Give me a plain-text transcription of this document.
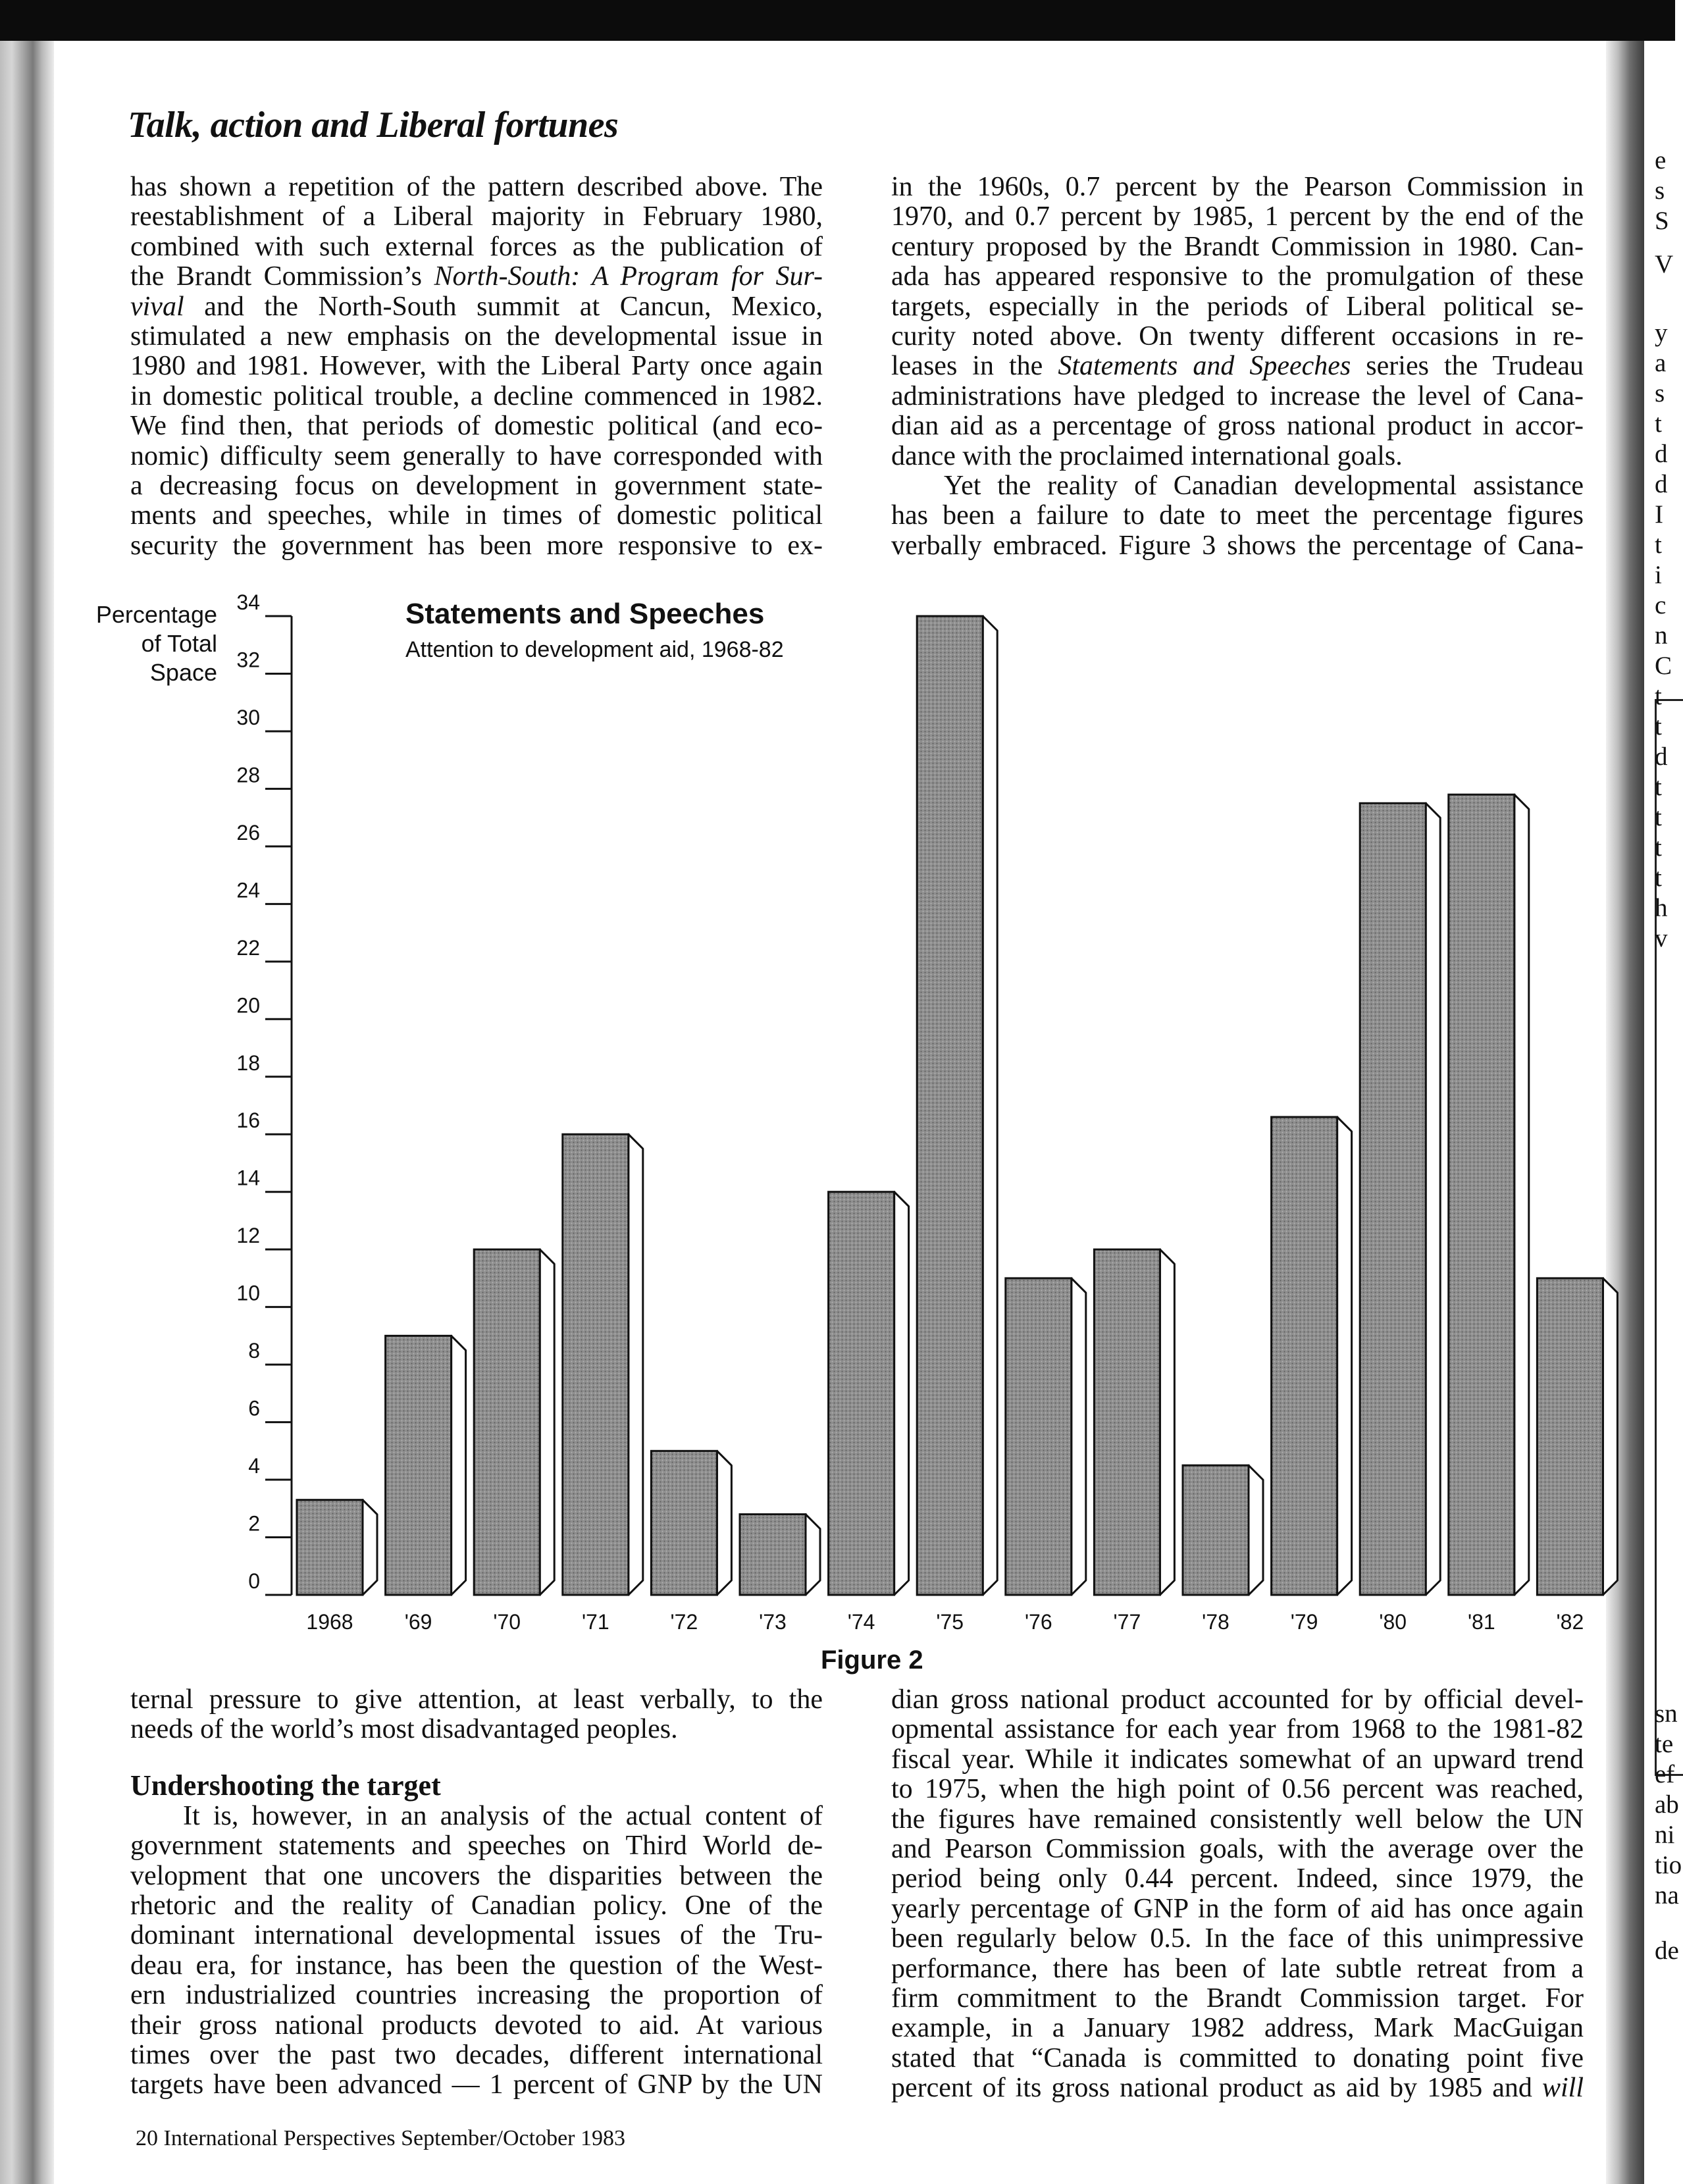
e
s
S
V
y
a
s
t
d
d
I
t
i
c
n
C
t
t
d
t
t
t
t
h
v
sn
te
ef
ab
ni
tio
na
de
Talk, action and Liberal fortunes
has shown a repetition of the pattern described above. The
reestablishment of a Liberal majority in February 1980,
combined with such external forces as the publication of
the Brandt Commission’s North-South: A Program for Sur-
vival and the North-South summit at Cancun, Mexico,
stimulated a new emphasis on the developmental issue in
1980 and 1981. However, with the Liberal Party once again
in domestic political trouble, a decline commenced in 1982.
We find then, that periods of domestic political (and eco-
nomic) difficulty seem generally to have corresponded with
a decreasing focus on development in government state-
ments and speeches, while in times of domestic political
security the government has been more responsive to ex-
in the 1960s, 0.7 percent by the Pearson Commission in
1970, and 0.7 percent by 1985, 1 percent by the end of the
century proposed by the Brandt Commission in 1980. Can-
ada has appeared responsive to the promulgation of these
targets, especially in the periods of Liberal political se-
curity noted above. On twenty different occasions in re-
leases in the Statements and Speeches series the Trudeau
administrations have pledged to increase the level of Cana-
dian aid as a percentage of gross national product in accor-
dance with the proclaimed international goals.
Yet the reality of Canadian developmental assistance
has been a failure to date to meet the percentage figures
verbally embraced. Figure 3 shows the percentage of Cana-
ternal pressure to give attention, at least verbally, to the
needs of the world’s most disadvantaged peoples.
Undershooting the target
It is, however, in an analysis of the actual content of
government statements and speeches on Third World de-
velopment that one uncovers the disparities between the
rhetoric and the reality of Canadian policy. One of the
dominant international developmental issues of the Tru-
deau era, for instance, has been the question of the West-
ern industrialized countries increasing the proportion of
their gross national products devoted to aid. At various
times over the past two decades, different international
targets have been advanced — 1 percent of GNP by the UN
dian gross national product accounted for by official devel-
opmental assistance for each year from 1968 to the 1981-82
fiscal year. While it indicates somewhat of an upward trend
to 1975, when the high point of 0.56 percent was reached,
the figures have remained consistently well below the UN
and Pearson Commission goals, with the average over the
period being only 0.44 percent. Indeed, since 1979, the
yearly percentage of GNP in the form of aid has once again
been regularly below 0.5. In the face of this unimpressive
performance, there has been of late subtle retreat from a
firm commitment to the Brandt Commission target. For
example, in a January 1982 address, Mark MacGuigan
stated that “Canada is committed to donating point five
percent of its gross national product as aid by 1985 and will
Percentage of Total Space
Statements and Speeches
Attention to development aid, 1968-82
0
2
4
6
8
10
12
14
16
18
20
22
24
26
28
30
32
34
1968 '69	'70	'71	'72	'73	'74	'75	'76	'77	'78	'79	'80	'81	'82
Figure 2
20 International Perspectives September/October 1983
